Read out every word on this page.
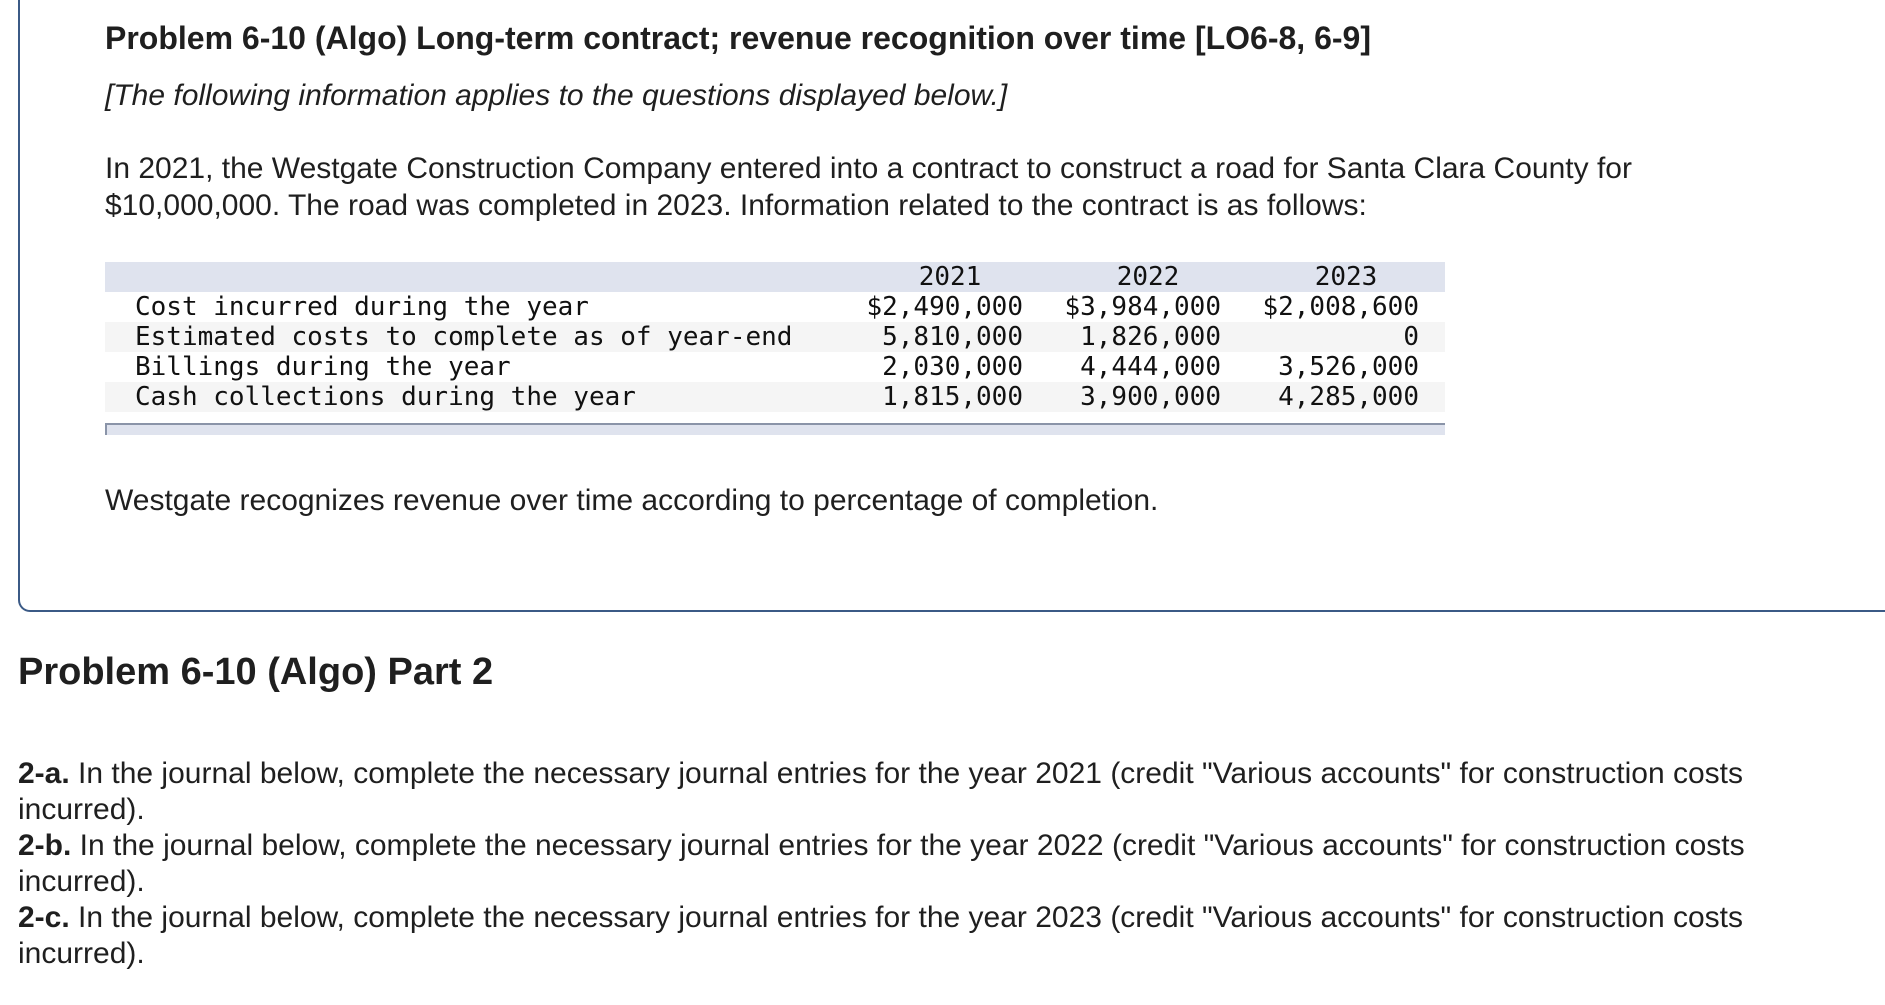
Problem 6-10 (Algo) Long-term contract; revenue recognition over time [LO6-8, 6-9]

[The following information applies to the questions displayed below.]

In 2021, the Westgate Construction Company entered into a contract to construct a road for Santa Clara County for $10,000,000. The road was completed in 2023. Information related to the contract is as follows:

	2021	2022	2023
Cost incurred during the year	$2,490,000	$3,984,000	$2,008,600
Estimated costs to complete as of year-end	5,810,000	1,826,000	0
Billings during the year	2,030,000	4,444,000	3,526,000
Cash collections during the year	1,815,000	3,900,000	4,285,000

Westgate recognizes revenue over time according to percentage of completion.

Problem 6-10 (Algo) Part 2

2-a. In the journal below, complete the necessary journal entries for the year 2021 (credit "Various accounts" for construction costs incurred).

2-b. In the journal below, complete the necessary journal entries for the year 2022 (credit "Various accounts" for construction costs incurred).

2-c. In the journal below, complete the necessary journal entries for the year 2023 (credit "Various accounts" for construction costs incurred).
